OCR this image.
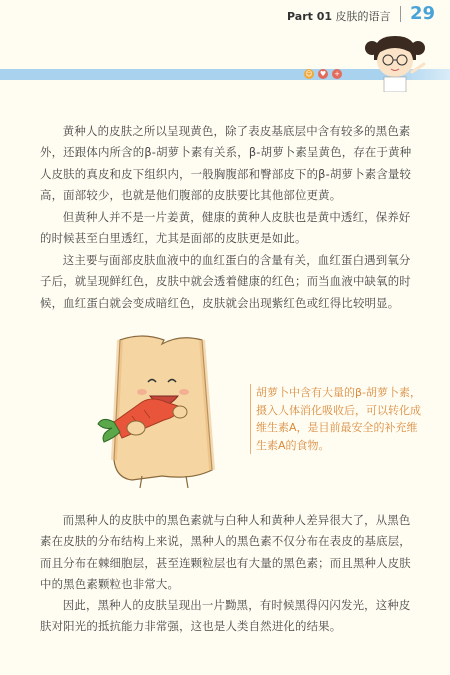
Part 01 皮肤的语言 29
☺ ♥ +
黄种人的皮肤之所以呈现黄色，除了表皮基底层中含有较多的黑色素外，还跟体内所含的β-胡萝卜素有关系，β-胡萝卜素呈黄色，存在于黄种人皮肤的真皮和皮下组织内，一般胸腹部和臀部皮下的β-胡萝卜素含量较高，面部较少，也就是他们腹部的皮肤要比其他部位更黄。
但黄种人并不是一片姜黄，健康的黄种人皮肤也是黄中透红，保养好的时候甚至白里透红，尤其是面部的皮肤更是如此。
这主要与面部皮肤血液中的血红蛋白的含量有关，血红蛋白遇到氧分子后，就呈现鲜红色，皮肤中就会透着健康的红色；而当血液中缺氧的时候，血红蛋白就会变成暗红色，皮肤就会出现紫红色或红得比较明显。
胡萝卜中含有大量的β-胡萝卜素，摄入人体消化吸收后，可以转化成维生素A，是目前最安全的补充维生素A的食物。
而黑种人的皮肤中的黑色素就与白种人和黄种人差异很大了，从黑色素在皮肤的分布结构上来说，黑种人的黑色素不仅分布在表皮的基底层，而且分布在棘细胞层，甚至连颗粒层也有大量的黑色素；而且黑种人皮肤中的黑色素颗粒也非常大。
因此，黑种人的皮肤呈现出一片黝黑，有时候黑得闪闪发光，这种皮肤对阳光的抵抗能力非常强，这也是人类自然进化的结果。
